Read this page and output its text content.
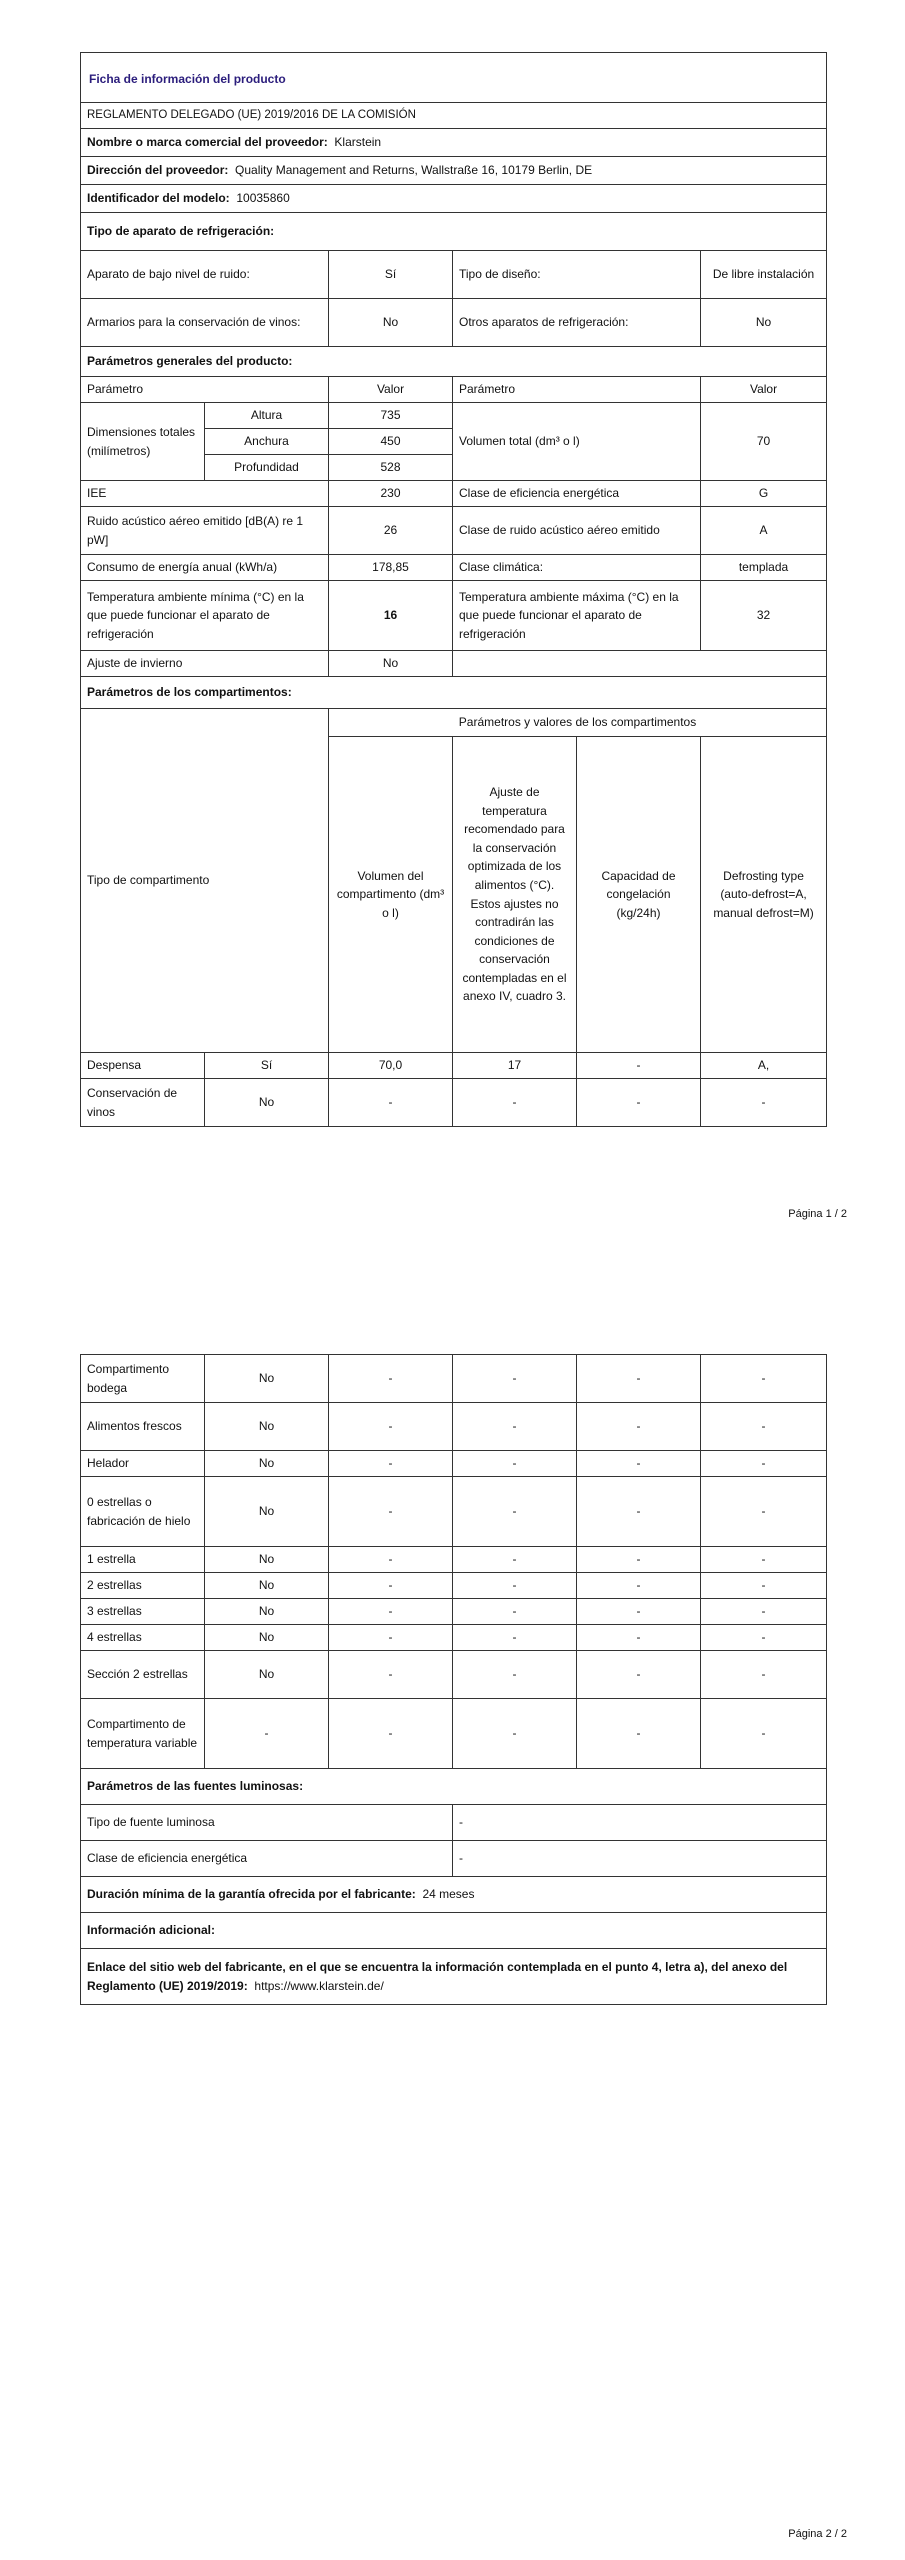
Ficha de información del producto					
REGLAMENTO DELEGADO (UE) 2019/2016 DE LA COMISIÓN					
Nombre o marca comercial del proveedor: Klarstein					
Dirección del proveedor: Quality Management and Returns, Wallstraße 16, 10179 Berlin, DE					
Identificador del modelo: 10035860					
Tipo de aparato de refrigeración:					
Aparato de bajo nivel de ruido:		Sí	Tipo de diseño:		De libre instalación
Armarios para la conservación de vinos:		No	Otros aparatos de refrigeración:		No
Parámetros generales del producto:					
Parámetro		Valor	Parámetro		Valor
Dimensiones totales (milímetros)	Altura	735	Volumen total (dm³ o l)		70
	Anchura	450			
	Profundidad	528			
IEE		230	Clase de eficiencia energética		G
Ruido acústico aéreo emitido [dB(A) re 1 pW]		26	Clase de ruido acústico aéreo emitido		A
Consumo de energía anual (kWh/a)		178,85	Clase climática:		templada
Temperatura ambiente mínima (°C) en la que puede funcionar el aparato de refrigeración		16	Temperatura ambiente máxima (°C) en la que puede funcionar el aparato de refrigeración		32
Ajuste de invierno		No			
Parámetros de los compartimentos:					
Tipo de compartimento		Parámetros y valores de los compartimentos			
		Volumen del compartimento (dm³ o l)	Ajuste de temperatura recomendado para la conservación optimizada de los alimentos (°C). Estos ajustes no contradirán las condiciones de conservación contempladas en el anexo IV, cuadro 3.	Capacidad de congelación (kg/24h)	Defrosting type (auto-defrost=A, manual defrost=M)
Despensa	Sí	70,0	17	-	A,
Conservación de vinos	No	-	-	-	-
Página 1 / 2
Compartimento bodega	No	-	-	-	-
Alimentos frescos	No	-	-	-	-
Helador	No	-	-	-	-
0 estrellas o fabricación de hielo	No	-	-	-	-
1 estrella	No	-	-	-	-
2 estrellas	No	-	-	-	-
3 estrellas	No	-	-	-	-
4 estrellas	No	-	-	-	-
Sección 2 estrellas	No	-	-	-	-
Compartimento de temperatura variable	-	-	-	-	-
Parámetros de las fuentes luminosas:					
Tipo de fuente luminosa			-		
Clase de eficiencia energética			-		
Duración mínima de la garantía ofrecida por el fabricante: 24 meses					
Información adicional:					
Enlace del sitio web del fabricante, en el que se encuentra la información contemplada en el punto 4, letra a), del anexo del Reglamento (UE) 2019/2019: https://www.klarstein.de/					
Página 2 / 2
